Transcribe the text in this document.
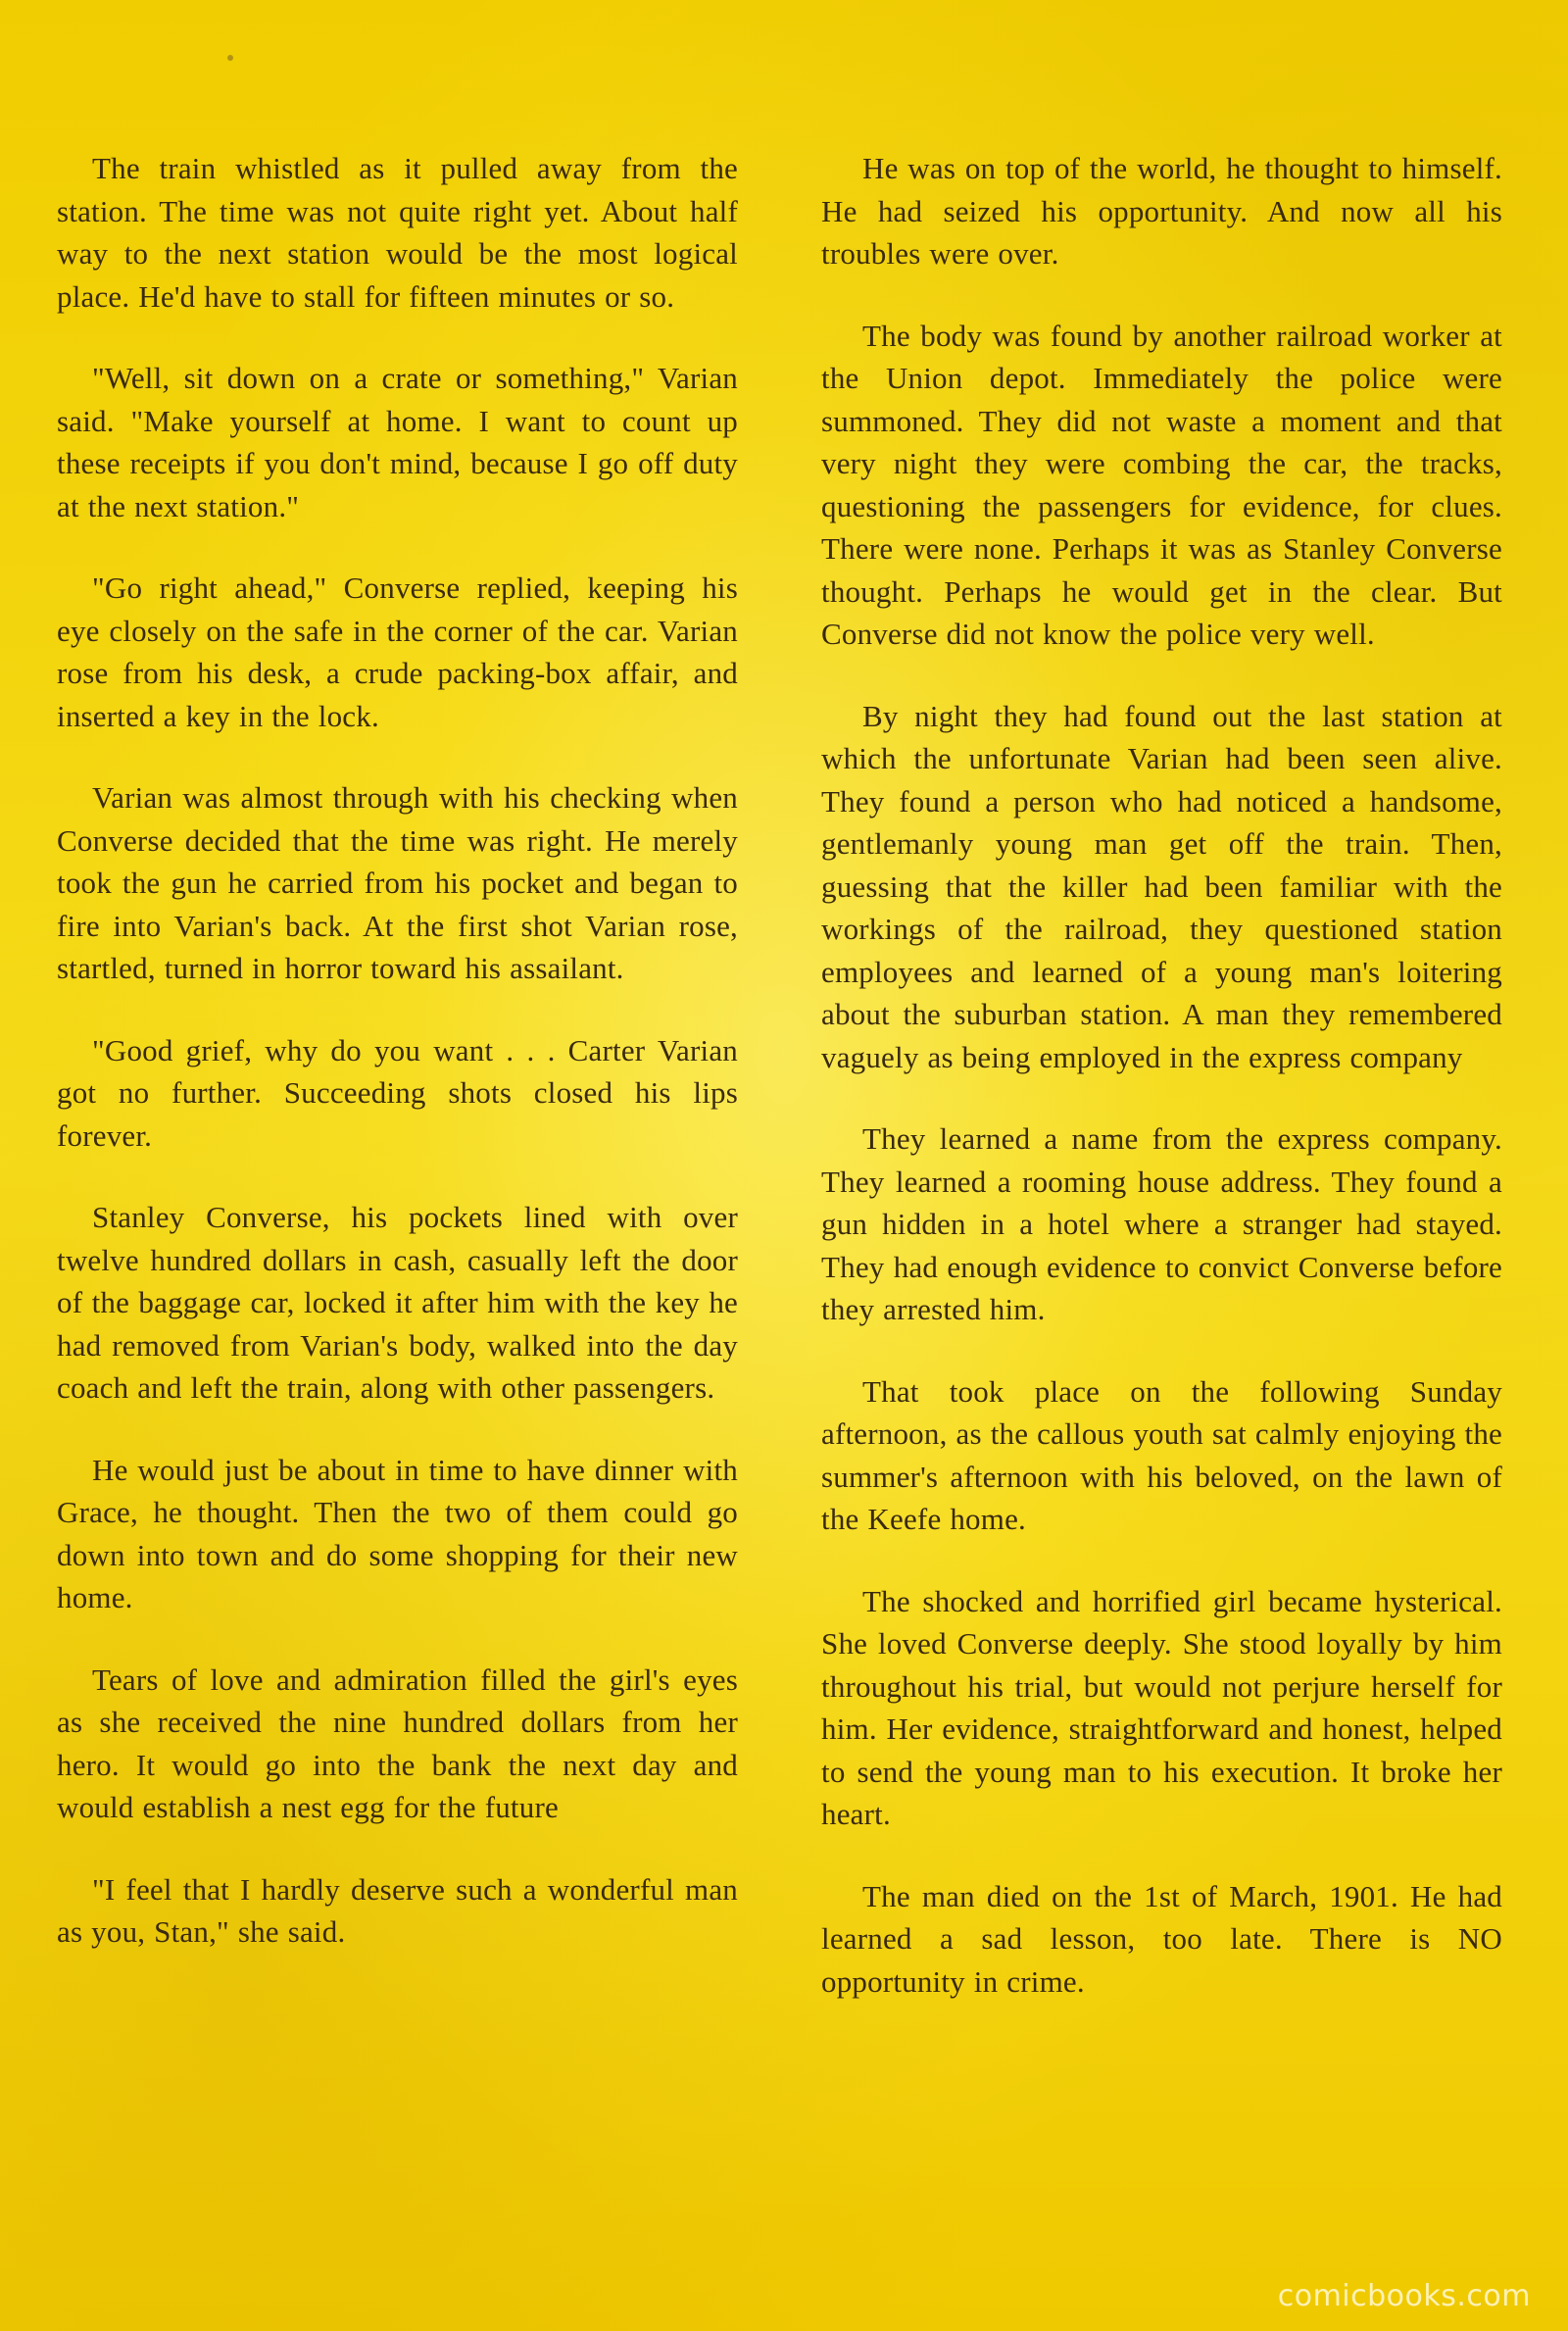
The train whistled as it pulled away from the station. The time was not quite right yet. About half way to the next station would be the most logical place. He'd have to stall for fifteen minutes or so.

"Well, sit down on a crate or something," Varian said. "Make yourself at home. I want to count up these receipts if you don't mind, because I go off duty at the next station."

"Go right ahead," Converse replied, keeping his eye closely on the safe in the corner of the car. Varian rose from his desk, a crude packing-box affair, and inserted a key in the lock.

Varian was almost through with his checking when Converse decided that the time was right. He merely took the gun he carried from his pocket and began to fire into Varian's back. At the first shot Varian rose, startled, turned in horror toward his assailant.

"Good grief, why do you want . . . Carter Varian got no further. Succeeding shots closed his lips forever.

Stanley Converse, his pockets lined with over twelve hundred dollars in cash, casually left the door of the baggage car, locked it after him with the key he had removed from Varian's body, walked into the day coach and left the train, along with other passengers.

He would just be about in time to have dinner with Grace, he thought. Then the two of them could go down into town and do some shopping for their new home.

Tears of love and admiration filled the girl's eyes as she received the nine hundred dollars from her hero. It would go into the bank the next day and would establish a nest egg for the future

"I feel that I hardly deserve such a wonderful man as you, Stan," she said.

He was on top of the world, he thought to himself. He had seized his opportunity. And now all his troubles were over.

The body was found by another railroad worker at the Union depot. Immediately the police were summoned. They did not waste a moment and that very night they were combing the car, the tracks, questioning the passengers for evidence, for clues. There were none. Perhaps it was as Stanley Converse thought. Perhaps he would get in the clear. But Converse did not know the police very well.

By night they had found out the last station at which the unfortunate Varian had been seen alive. They found a person who had noticed a handsome, gentlemanly young man get off the train. Then, guessing that the killer had been familiar with the workings of the railroad, they questioned station employees and learned of a young man's loitering about the suburban station. A man they remembered vaguely as being employed in the express company

They learned a name from the express company. They learned a rooming house address. They found a gun hidden in a hotel where a stranger had stayed. They had enough evidence to convict Converse before they arrested him.

That took place on the following Sunday afternoon, as the callous youth sat calmly enjoying the summer's afternoon with his beloved, on the lawn of the Keefe home.

The shocked and horrified girl became hysterical. She loved Converse deeply. She stood loyally by him throughout his trial, but would not perjure herself for him. Her evidence, straightforward and honest, helped to send the young man to his execution. It broke her heart.

The man died on the 1st of March, 1901. He had learned a sad lesson, too late. There is NO opportunity in crime.

comicbooks.com
